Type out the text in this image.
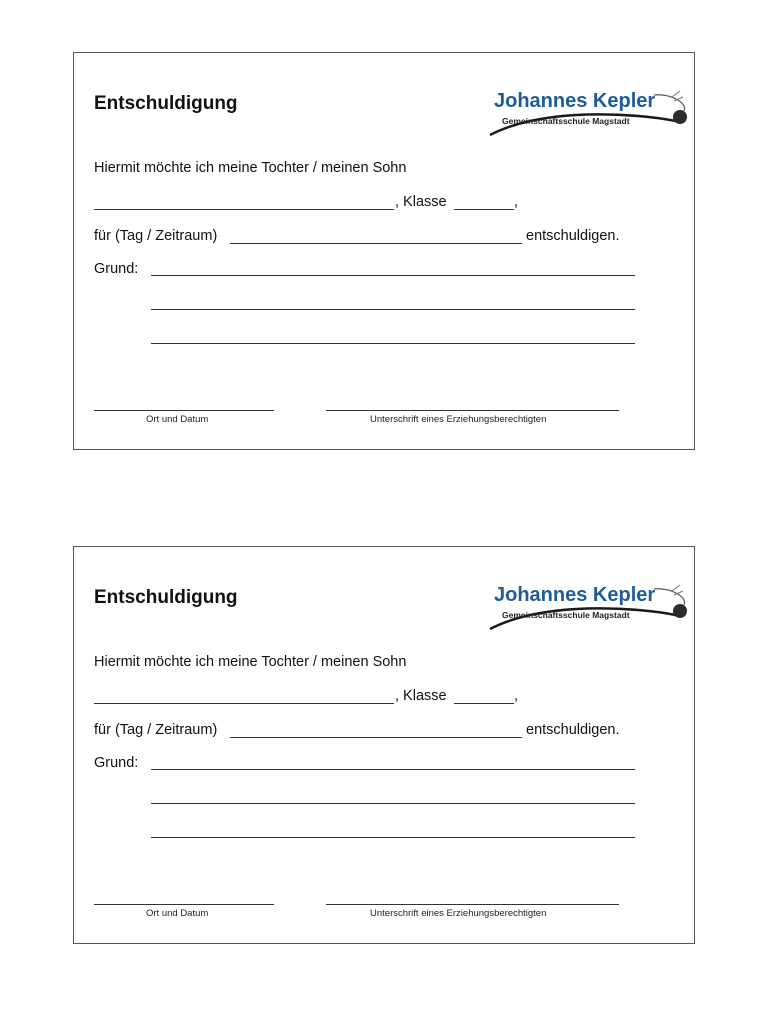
Entschuldigung	Johannes Kepler
Gemeinschaftsschule Magstadt
Hiermit möchte ich meine Tochter / meinen Sohn
, Klasse	,
für (Tag / Zeitraum)	entschuldigen.
Grund:
Ort und Datum	Unterschrift eines Erziehungsberechtigten
Entschuldigung	Johannes Kepler
Gemeinschaftsschule Magstadt
Hiermit möchte ich meine Tochter / meinen Sohn
, Klasse	,
für (Tag / Zeitraum)	entschuldigen.
Grund:
Ort und Datum	Unterschrift eines Erziehungsberechtigten
